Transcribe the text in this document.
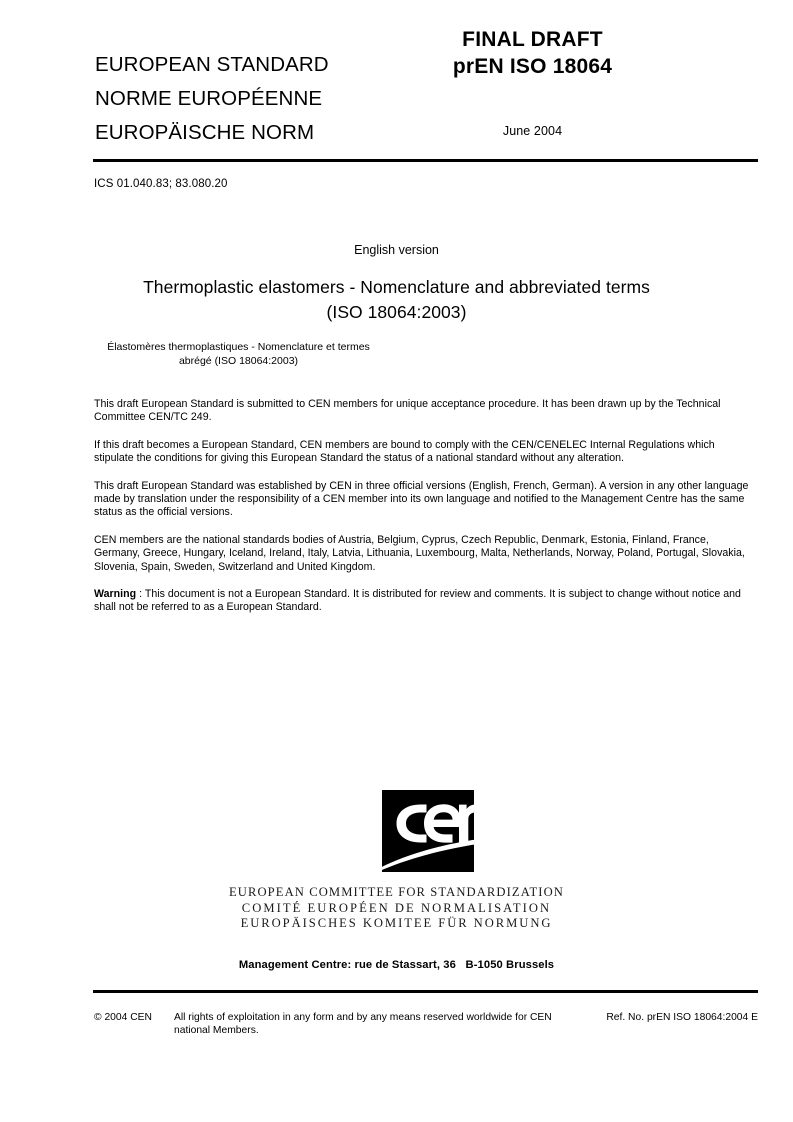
EUROPEAN STANDARD
NORME EUROPÉENNE
EUROPÄISCHE NORM
FINAL DRAFT
prEN ISO 18064
June 2004
ICS 01.040.83; 83.080.20
English version
Thermoplastic elastomers - Nomenclature and abbreviated terms (ISO 18064:2003)
Élastomères thermoplastiques - Nomenclature et termes abrégé (ISO 18064:2003)

This draft European Standard is submitted to CEN members for unique acceptance procedure. It has been drawn up by the Technical Committee CEN/TC 249.

If this draft becomes a European Standard, CEN members are bound to comply with the CEN/CENELEC Internal Regulations which stipulate the conditions for giving this European Standard the status of a national standard without any alteration.

This draft European Standard was established by CEN in three official versions (English, French, German). A version in any other language made by translation under the responsibility of a CEN member into its own language and notified to the Management Centre has the same status as the official versions.

CEN members are the national standards bodies of Austria, Belgium, Cyprus, Czech Republic, Denmark, Estonia, Finland, France, Germany, Greece, Hungary, Iceland, Ireland, Italy, Latvia, Lithuania, Luxembourg, Malta, Netherlands, Norway, Poland, Portugal, Slovakia, Slovenia, Spain, Sweden, Switzerland and United Kingdom.

Warning : This document is not a European Standard. It is distributed for review and comments. It is subject to change without notice and shall not be referred to as a European Standard.

EUROPEAN COMMITTEE FOR STANDARDIZATION
COMITÉ EUROPÉEN DE NORMALISATION
EUROPÄISCHES KOMITEE FÜR NORMUNG
Management Centre: rue de Stassart, 36   B-1050 Brussels
© 2004 CEN All rights of exploitation in any form and by any means reserved worldwide for CEN national Members.
Ref. No. prEN ISO 18064:2004 E
